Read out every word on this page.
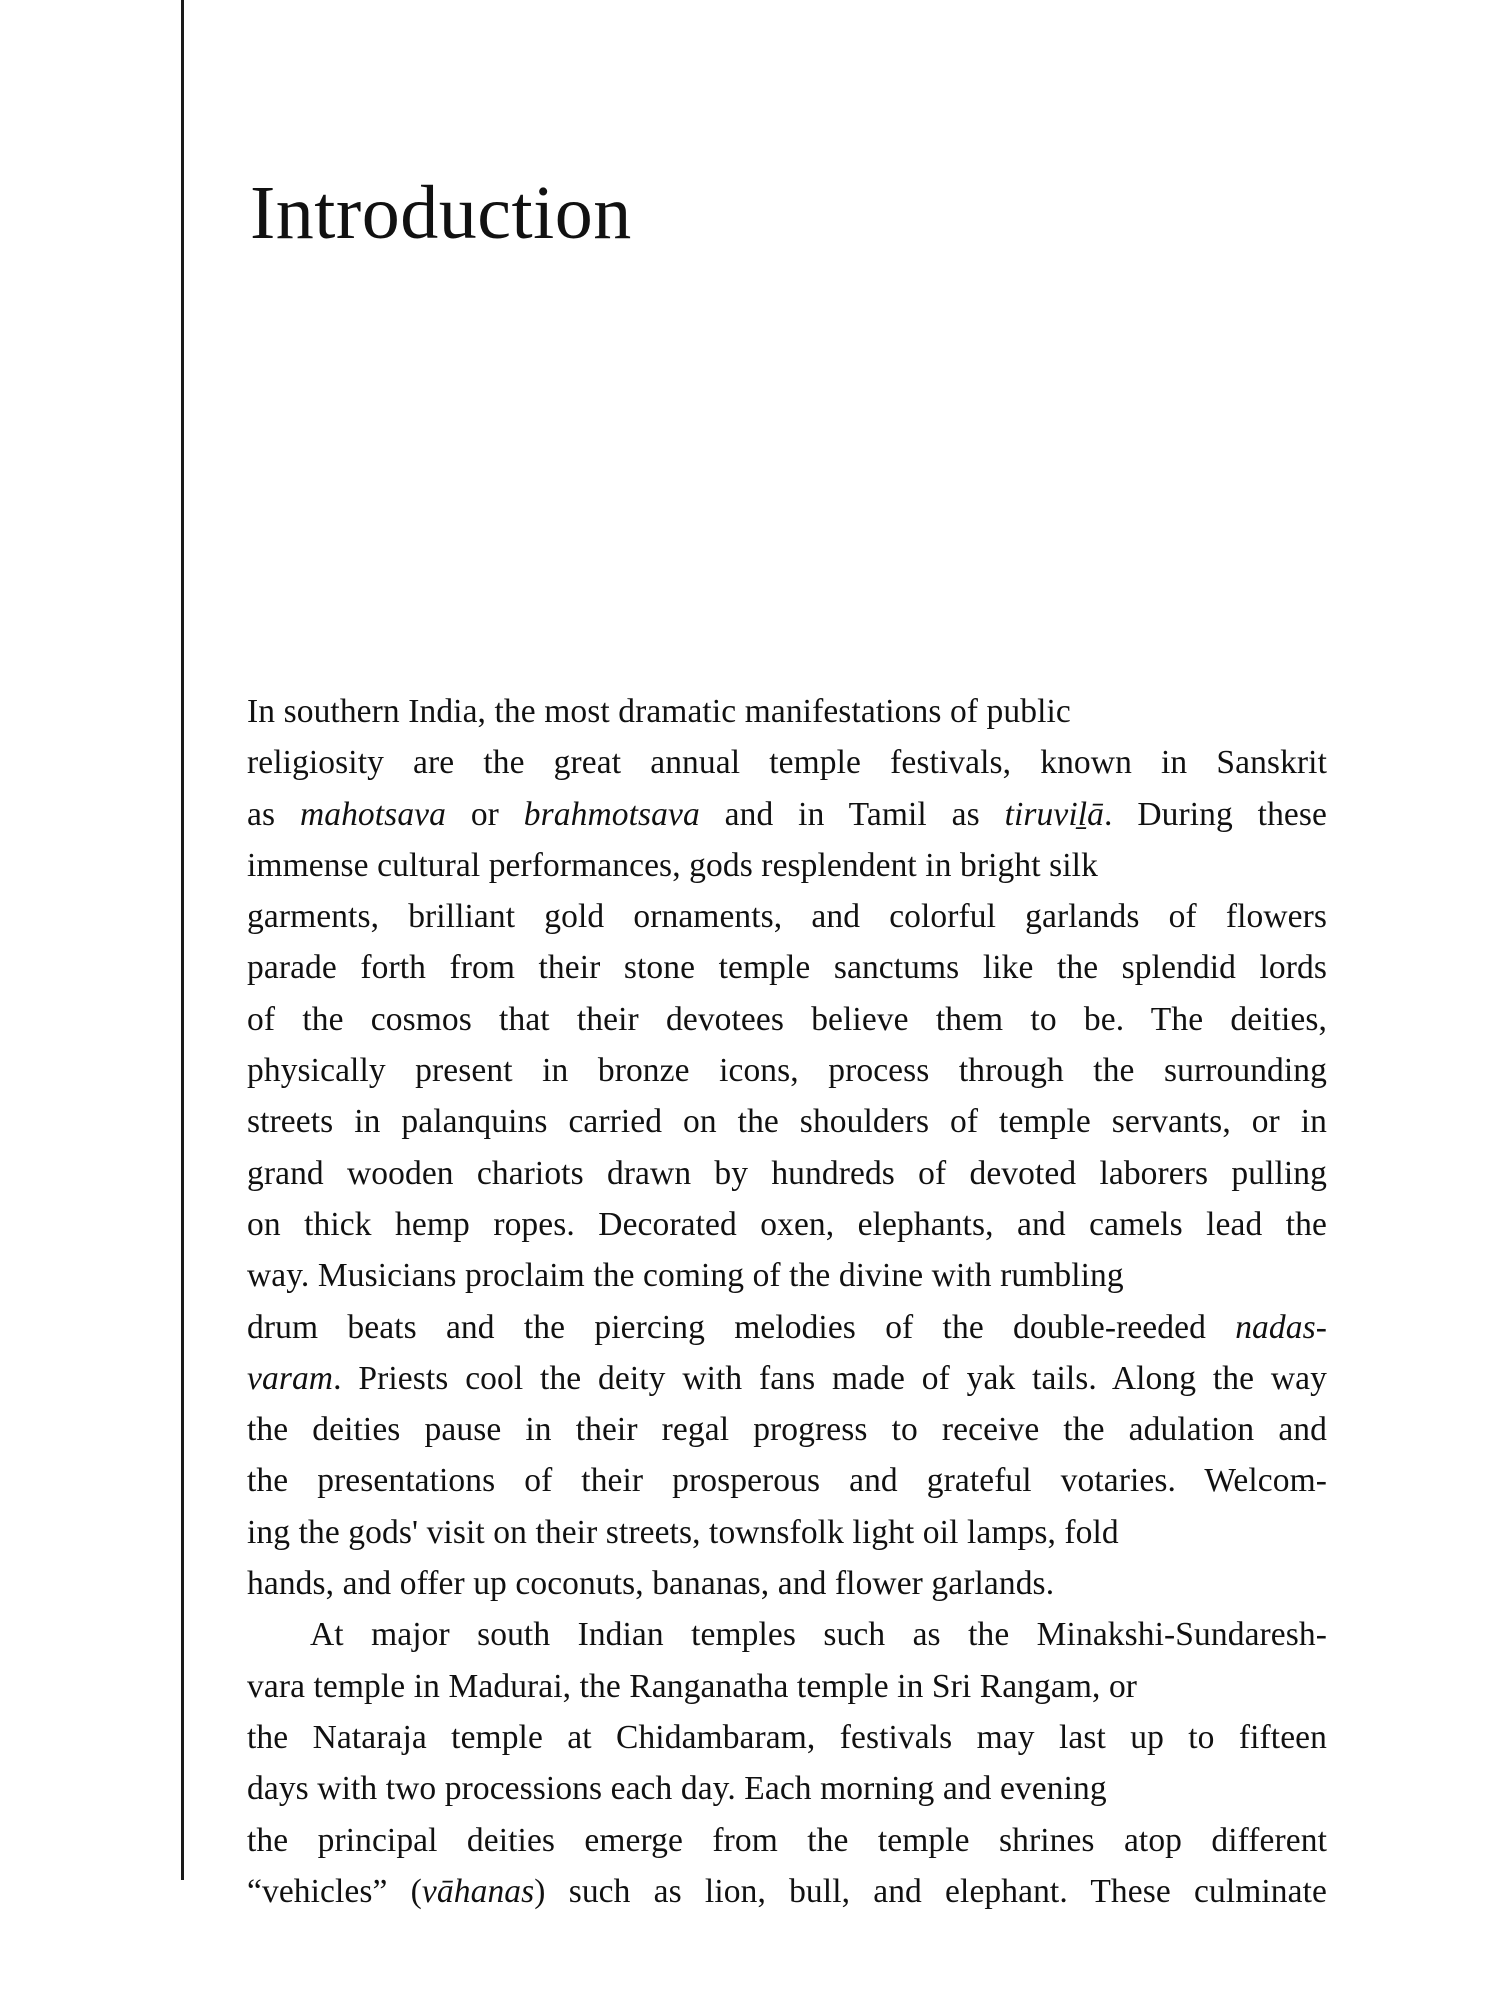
Introduction
In southern India, the most dramatic manifestations of public
religiosity are the great annual temple festivals, known in Sanskrit
as mahotsava or brahmotsava and in Tamil as tiruviḻā. During these
immense cultural performances, gods resplendent in bright silk
garments, brilliant gold ornaments, and colorful garlands of flowers
parade forth from their stone temple sanctums like the splendid lords
of the cosmos that their devotees believe them to be. The deities,
physically present in bronze icons, process through the surrounding
streets in palanquins carried on the shoulders of temple servants, or in
grand wooden chariots drawn by hundreds of devoted laborers pulling
on thick hemp ropes. Decorated oxen, elephants, and camels lead the
way. Musicians proclaim the coming of the divine with rumbling
drum beats and the piercing melodies of the double-reeded nadas-
varam. Priests cool the deity with fans made of yak tails. Along the way
the deities pause in their regal progress to receive the adulation and
the presentations of their prosperous and grateful votaries. Welcom-
ing the gods' visit on their streets, townsfolk light oil lamps, fold
hands, and offer up coconuts, bananas, and flower garlands.
At major south Indian temples such as the Minakshi-Sundaresh-
vara temple in Madurai, the Ranganatha temple in Sri Rangam, or
the Nataraja temple at Chidambaram, festivals may last up to fifteen
days with two processions each day. Each morning and evening
the principal deities emerge from the temple shrines atop different
“vehicles” (vāhanas) such as lion, bull, and elephant. These culminate
